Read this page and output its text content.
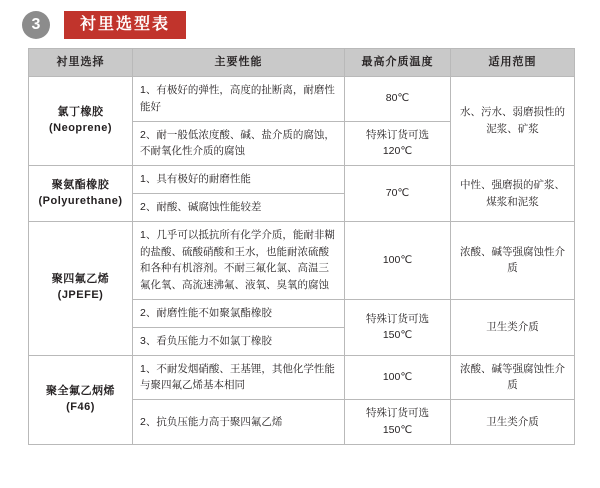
3	衬里选型表
衬里选择	主要性能	最高介质温度	适用范围

氯丁橡胶
(Neoprene)	1、有极好的弹性，高度的扯断离，耐磨性能好	80℃	水、污水、弱磨损性的泥浆、矿浆
	2、耐一般低浓度酸、碱、盐介质的腐蚀，不耐氧化性介质的腐蚀	特殊订货可选120℃	

聚氨酯橡胶
(Polyurethane)	1、具有极好的耐磨性能	70℃	中性、强磨损的矿浆、煤浆和泥浆
	2、耐酸、碱腐蚀性能较差		

聚四氟乙烯
(JPEFE)	1、几乎可以抵抗所有化学介质，能耐非糊的盐酸、硫酸硝酸和王水，也能耐浓硫酸和各种有机溶剂。不耐三氟化氯、高温三氟化氧、高流速沸氟、液氧、臭氧的腐蚀	100℃	浓酸、碱等强腐蚀性介质
	2、耐磨性能不如聚氯酯橡胶	特殊订货可选150℃	卫生类介质
	3、看负压能力不如氯丁橡胶		

聚全氟乙炳烯
(F46)	1、不耐发烟硝酸、王基锂，其他化学性能与聚四氟乙烯基本相同	100℃	浓酸、碱等强腐蚀性介质
	2、抗负压能力高于聚四氟乙烯	特殊订货可选150℃	卫生类介质
